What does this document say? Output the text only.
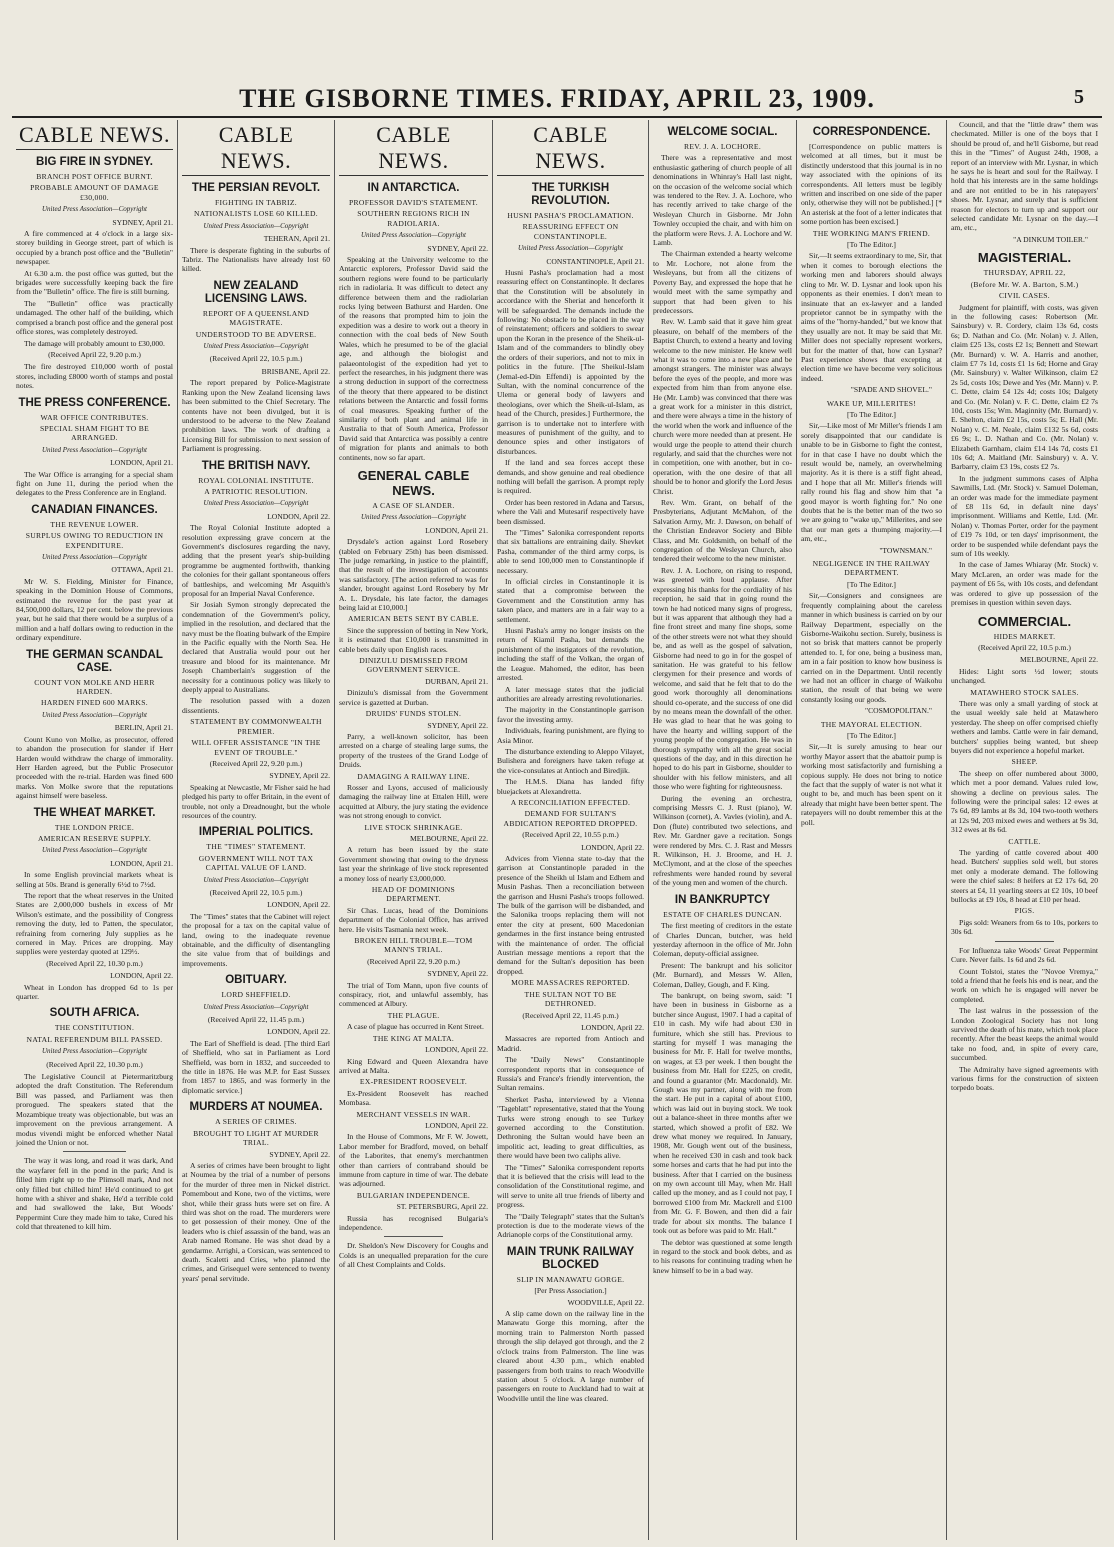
THE GISBORNE TIMES. FRIDAY, APRIL 23, 1909.	5
CABLE NEWS.
BIG FIRE IN SYDNEY.
BRANCH POST OFFICE BURNT.
PROBABLE AMOUNT OF DAMAGE £30,000.
United Press Association—Copyright
SYDNEY, April 21.

A fire commenced at 4 o'clock in a large six-storey building in George street, part of which is occupied by a branch post office and the "Bulletin" newspaper.

At 6.30 a.m. the post office was gutted, but the brigades were successfully keeping back the fire from the "Bulletin" office. The fire is still burning.

The "Bulletin" office was practically undamaged. The other half of the building, which comprised a branch post office and the general post office stores, was completely destroyed.

The damage will probably amount to £30,000.

(Received April 22, 9.20 p.m.)

The fire destroyed £10,000 worth of postal stores, including £8000 worth of stamps and postal notes.

THE PRESS CONFERENCE.
WAR OFFICE CONTRIBUTES.
SPECIAL SHAM FIGHT TO BE ARRANGED.
United Press Association—Copyright
LONDON, April 21.

The War Office is arranging for a special sham fight on June 11, during the period when the delegates to the Press Conference are in England.

CANADIAN FINANCES.
THE REVENUE LOWER.
SURPLUS OWING TO REDUCTION IN EXPENDITURE.
United Press Association—Copyright
OTTAWA, April 21.

Mr W. S. Fielding, Minister for Finance, speaking in the Dominion House of Commons, estimated the revenue for the past year at 84,500,000 dollars, 12 per cent. below the previous year, but he said that there would be a surplus of a million and a half dollars owing to reduction in the ordinary expenditure.

THE GERMAN SCANDAL CASE.
COUNT VON MOLKE AND HERR HARDEN.
HARDEN FINED 600 MARKS.
United Press Association—Copyright
BERLIN, April 21.

Count Kuno von Molke, as prosecutor, offered to abandon the prosecution for slander if Herr Harden would withdraw the charge of immorality. Herr Harden agreed, but the Public Prosecutor proceeded with the re-trial. Harden was fined 600 marks. Von Molke swore that the reputations against himself were baseless.

THE WHEAT MARKET.
THE LONDON PRICE.
AMERICAN RESERVE SUPPLY.
United Press Association—Copyright
LONDON, April 21.

In some English provincial markets wheat is selling at 50s. Brand is generally 6½d to 7½d.

The report that the wheat reserves in the United States are 2,000,000 bushels in excess of Mr Wilson's estimate, and the possibility of Congress removing the duty, led to Patten, the speculator, refraining from cornering July supplies as he cornered in May. Prices are dropping. May supplies were yesterday quoted at 129½.

(Received April 22, 10.30 p.m.)
LONDON, April 22.

Wheat in London has dropped 6d to 1s per quarter.

SOUTH AFRICA.
THE CONSTITUTION.
NATAL REFERENDUM BILL PASSED.
United Press Association—Copyright
(Received April 22, 10.30 p.m.)

The Legislative Council at Pietermaritzburg adopted the draft Constitution. The Referendum Bill was passed, and Parliament was then prorogued. The speakers stated that the Mozambique treaty was objectionable, but was an improvement on the previous arrangement. A modus vivendi might be enforced whether Natal joined the Union or not.

The way it was long, and road it was dark, And the wayfarer fell in the pond in the park; And is filled him right up to the Plimsoll mark, And not only filled but chilled him! He'd continued to get home with a shiver and shake, He'd a terrible cold and had swallowed the lake, But Woods' Peppermint Cure they made him to take, Cured his cold that threatened to kill him.

CABLE NEWS.
THE PERSIAN REVOLT.
FIGHTING IN TABRIZ.
NATIONALISTS LOSE 60 KILLED.
United Press Association—Copyright
TEHERAN, April 21.

There is desperate fighting in the suburbs of Tabriz. The Nationalists have already lost 60 killed.

NEW ZEALAND LICENSING LAWS.
REPORT OF A QUEENSLAND MAGISTRATE.
UNDERSTOOD TO BE ADVERSE.
United Press Association—Copyright
(Received April 22, 10.5 p.m.)
BRISBANE, April 22.

The report prepared by Police-Magistrate Ranking upon the New Zealand licensing laws has been submitted to the Chief Secretary. The contents have not been divulged, but it is understood to be adverse to the New Zealand prohibition laws. The work of drafting a Licensing Bill for submission to next session of Parliament is progressing.

THE BRITISH NAVY.
ROYAL COLONIAL INSTITUTE.
A PATRIOTIC RESOLUTION.
United Press Association—Copyright
LONDON, April 22.

The Royal Colonial Institute adopted a resolution expressing grave concern at the Government's disclosures regarding the navy, adding that the present year's ship-building programme be augmented forthwith, thanking the colonies for their gallant spontaneous offers of battleships, and welcoming Mr Asquith's proposal for an Imperial Naval Conference.

Sir Josiah Symon strongly deprecated the condemnation of the Government's policy, implied in the resolution, and declared that the navy must be the floating bulwark of the Empire in the Pacific equally with the North Sea. He declared that Australia would pour out her treasure and blood for its maintenance. Mr Joseph Chamberlain's suggestion of the necessity for a continuous policy was likely to deeply appeal to Australians.

The resolution passed with a dozen dissentients.

STATEMENT BY COMMONWEALTH PREMIER.
WILL OFFER ASSISTANCE "IN THE EVENT OF TROUBLE."
(Received April 22, 9.20 p.m.)
SYDNEY, April 22.

Speaking at Newcastle, Mr Fisher said he had pledged his party to offer Britain, in the event of trouble, not only a Dreadnought, but the whole resources of the country.

IMPERIAL POLITICS.
THE "TIMES" STATEMENT.
GOVERNMENT WILL NOT TAX CAPITAL VALUE OF LAND.
United Press Association—Copyright
(Received April 22, 10.5 p.m.)
LONDON, April 22.

The "Times" states that the Cabinet will reject the proposal for a tax on the capital value of land, owing to the inadequate revenue obtainable, and the difficulty of disentangling the site value from that of buildings and improvements.

OBITUARY.
LORD SHEFFIELD.
United Press Association—Copyright
(Received April 22, 11.45 p.m.)
LONDON, April 22.

The Earl of Sheffield is dead. [The third Earl of Sheffield, who sat in Parliament as Lord Sheffield, was born in 1832, and succeeded to the title in 1876. He was M.P. for East Sussex from 1857 to 1865, and was formerly in the diplomatic service.]

MURDERS AT NOUMEA.
A SERIES OF CRIMES.
BROUGHT TO LIGHT AT MURDER TRIAL.
SYDNEY, April 22.

A series of crimes have been brought to light at Noumea by the trial of a number of persons for the murder of three men in Nickel district. Pomembout and Kone, two of the victims, were shot, while their grass huts were set on fire. A third was shot on the road. The murderers were to get possession of their money. One of the leaders who is chief assassin of the band, was an Arab named Romane. He was shot dead by a gendarme. Arrighi, a Corsican, was sentenced to death. Scaletti and Cries, who planned the crimes, and Grisequel were sentenced to twenty years' penal servitude.

CABLE NEWS.
IN ANTARCTICA.
PROFESSOR DAVID'S STATEMENT.
SOUTHERN REGIONS RICH IN RADIOLARIA.
United Press Association—Copyright
SYDNEY, April 22.

Speaking at the University welcome to the Antarctic explorers, Professor David said the southern regions were found to be particularly rich in radiolaria. It was difficult to detect any difference between them and the radiolarian rocks lying between Bathurst and Harden. One of the reasons that prompted him to join the expedition was a desire to work out a theory in connection with the coal beds of New South Wales, which he presumed to be of the glacial age, and although the biologist and palaeontologist of the expedition had yet to perfect the researches, in his judgment there was a strong deduction in support of the correctness of the theory that there appeared to be distinct relations between the Antarctic and fossil forms of coal measures. Speaking further of the similarity of both plant and animal life in Australia to that of South America, Professor David said that Antarctica was possibly a centre of migration for plants and animals to both continents, now so far apart.

GENERAL CABLE NEWS.
A CASE OF SLANDER.
United Press Association—Copyright
LONDON, April 21.

Drysdale's action against Lord Rosebery (tabled on February 25th) has been dismissed. The judge remarking, in justice to the plaintiff, that the result of the investigation of accounts was satisfactory. [The action referred to was for slander, brought against Lord Rosebery by Mr A. L. Drysdale, his late factor, the damages being laid at £10,000.]

AMERICAN BETS SENT BY CABLE.

Since the suppression of betting in New York, it is estimated that £10,000 is transmitted in cable bets daily upon English races.

DINIZULU DISMISSED FROM GOVERNMENT SERVICE.
DURBAN, April 21.

Dinizulu's dismissal from the Government service is gazetted at Durban.

DRUIDS' FUNDS STOLEN.
SYDNEY, April 22.

Parry, a well-known solicitor, has been arrested on a charge of stealing large sums, the property of the trustees of the Grand Lodge of Druids.

DAMAGING A RAILWAY LINE.

Rosser and Lyons, accused of maliciously damaging the railway line at Ettalen Hill, were acquitted at Albury, the jury stating the evidence was not strong enough to convict.

LIVE STOCK SHRINKAGE.
MELBOURNE, April 22.

A return has been issued by the state Government showing that owing to the dryness last year the shrinkage of live stock represented a money loss of nearly £3,000,000.

HEAD OF DOMINIONS DEPARTMENT.

Sir Chas. Lucas, head of the Dominions department of the Colonial Office, has arrived here. He visits Tasmania next week.

BROKEN HILL TROUBLE—TOM MANN'S TRIAL.
(Received April 22, 9.20 p.m.)
SYDNEY, April 22.

The trial of Tom Mann, upon five counts of conspiracy, riot, and unlawful assembly, has commenced at Albury.

THE PLAGUE.

A case of plague has occurred in Kent Street.

THE KING AT MALTA.
LONDON, April 22.

King Edward and Queen Alexandra have arrived at Malta.

EX-PRESIDENT ROOSEVELT.

Ex-President Roosevelt has reached Mombasa.

MERCHANT VESSELS IN WAR.
LONDON, April 22.

In the House of Commons, Mr F. W. Jowett, Labor member for Bradford, moved, on behalf of the Laborites, that enemy's merchantmen other than carriers of contraband should be immune from capture in time of war. The debate was adjourned.

BULGARIAN INDEPENDENCE.
ST. PETERSBURG, April 22.

Russia has recognised Bulgaria's independence.

Dr. Sheldon's New Discovery for Coughs and Colds is an unequalled preparation for the cure of all Chest Complaints and Colds.

CABLE NEWS.
THE TURKISH REVOLUTION.
HUSNI PASHA'S PROCLAMATION.
REASSURING EFFECT ON CONSTANTINOPLE.
United Press Association—Copyright
CONSTANTINOPLE, April 21.

Husni Pasha's proclamation had a most reassuring effect on Constantinople. It declares that the Constitution will be absolutely in accordance with the Sheriat and henceforth it will be safeguarded. The demands include the following: No obstacle to be placed in the way of reinstatement; officers and soldiers to swear upon the Koran in the presence of the Sheik-ul-Islam and of the commanders to blindly obey the orders of their superiors, and not to mix in politics in the future. [The Sheikul-Islam (Jemal-ed-Din Effendi) is appointed by the Sultan, with the nominal concurrence of the Ulema or general body of lawyers and theologians, over which the Sheik-ul-Islam, as head of the Church, presides.] Furthermore, the garrison is to undertake not to interfere with measures of punishment of the guilty, and to denounce spies and other instigators of disturbances.

If the land and sea forces accept these demands, and show genuine and real obedience nothing will befall the garrison. A prompt reply is required.

Order has been restored in Adana and Tarsus, where the Vali and Mutesarif respectively have been dismissed.

The "Times" Salonika correspondent reports that six battalions are entraining daily. Shevket Pasha, commander of the third army corps, is able to send 100,000 men to Constantinople if necessary.

In official circles in Constantinople it is stated that a compromise between the Government and the Constitution army has taken place, and matters are in a fair way to a settlement.

Husni Pasha's army no longer insists on the return of Kiamil Pasha, but demands the punishment of the instigators of the revolution, including the staff of the Volkan, the organ of the League. Mahomed, the editor, has been arrested.

A later message states that the judicial authorities are already arresting revolutionaries.

The majority in the Constantinople garrison favor the investing army.

Individuals, fearing punishment, are flying to Asia Minor.

The disturbance extending to Aleppo Vilayet, Bulishera and foreigners have taken refuge at the vice-consulates at Antioch and Biredjik.

The H.M.S. Diana has landed fifty bluejackets at Alexandretta.

A RECONCILIATION EFFECTED.
DEMAND FOR SULTAN'S ABDICATION REPORTED DROPPED.
(Received April 22, 10.55 p.m.)
LONDON, April 22.

Advices from Vienna state to-day that the garrison at Constantinople paraded in the presence of the Sheikh ul Islam and Edhem and Musin Pashas. Then a reconciliation between the garrison and Husni Pasha's troops followed. The bulk of the garrison will be disbanded, and the Salonika troops replacing them will not enter the city at present, 600 Macedonian gendarmes in the first instance being entrusted with the maintenance of order. The official Austrian message mentions a report that the demand for the Sultan's deposition has been dropped.

MORE MASSACRES REPORTED.
THE SULTAN NOT TO BE DETHRONED.
(Received April 22, 11.45 p.m.)
LONDON, April 22.

Massacres are reported from Antioch and Madrid.

The "Daily News" Constantinople correspondent reports that in consequence of Russia's and France's friendly intervention, the Sultan remains.

Sherket Pasha, interviewed by a Vienna "Tageblatt" representative, stated that the Young Turks were strong enough to see Turkey governed according to the Constitution. Dethroning the Sultan would have been an impolitic act, leading to great difficulties, as there would have been two caliphs alive.

The "Times'" Salonika correspondent reports that it is believed that the crisis will lead to the consolidation of the Constitutional regime, and will serve to unite all true friends of liberty and progress.

The "Daily Telegraph" states that the Sultan's protection is due to the moderate views of the Adrianople corps of the Constitutional army.

MAIN TRUNK RAILWAY BLOCKED
SLIP IN MANAWATU GORGE.
[Per Press Association.]
WOODVILLE, April 22.

A slip came down on the railway line in the Manawatu Gorge this morning, after the morning train to Palmerston North passed through the slip delayed got through, and the 2 o'clock trains from Palmerston. The line was cleared about 4.30 p.m., which enabled passengers from both trains to reach Woodville station about 5 o'clock. A large number of passengers en route to Auckland had to wait at Woodville until the line was cleared.

WELCOME SOCIAL.
REV. J. A. LOCHORE.

There was a representative and most enthusiastic gathering of church people of all denominations in Whinray's Hall last night, on the occasion of the welcome social which was tendered to the Rev. J. A. Lochore, who has recently arrived to take charge of the Wesleyan Church in Gisborne. Mr John Townley occupied the chair, and with him on the platform were Revs. J. A. Lochore and W. Lamb.

The Chairman extended a hearty welcome to Mr. Lochore, not alone from the Wesleyans, but from all the citizens of Poverty Bay, and expressed the hope that he would meet with the same sympathy and support that had been given to his predecessors.

Rev. W. Lamb said that it gave him great pleasure, on behalf of the members of the Baptist Church, to extend a hearty and loving welcome to the new minister. He knew well what it was to come into a new place and be amongst strangers. The minister was always before the eyes of the people, and more was expected from him than from anyone else. He (Mr. Lamb) was convinced that there was a great work for a minister in this district, and there were always a time in the history of the world when the work and influence of the church were more needed than at present. He would urge the people to attend their church regularly, and said that the churches were not in competition, one with another, but in co-operation, with the one desire of that all should be to honor and glorify the Lord Jesus Christ.

Rev. Wm. Grant, on behalf of the Presbyterians, Adjutant McMahon, of the Salvation Army, Mr. J. Dawson, on behalf of the Christian Endeavor Society and Bible Class, and Mr. Goldsmith, on behalf of the congregation of the Wesleyan Church, also tendered their welcome to the new minister.

Rev. J. A. Lochore, on rising to respond, was greeted with loud applause. After expressing his thanks for the cordiality of his reception, he said that in going round the town he had noticed many signs of progress, but it was apparent that although they had a fine front street and many fine shops, some of the other streets were not what they should be, and as well as the gospel of salvation, Gisborne had need to go in for the gospel of sanitation. He was grateful to his fellow clergymen for their presence and words of welcome, and said that he felt that to do the good work thoroughly all denominations should co-operate, and the success of one did by no means mean the downfall of the other. He was glad to hear that he was going to have the hearty and willing support of the young people of the congregation. He was in thorough sympathy with all the great social questions of the day, and in this direction he hoped to do his part in Gisborne, shoulder to shoulder with his fellow ministers, and all those who were fighting for righteousness.

During the evening an orchestra, comprising Messrs C. J. Rust (piano), W. Wilkinson (cornet), A. Vavles (violin), and A. Don (flute) contributed two selections, and Rev. Mr. Gardner gave a recitation. Songs were rendered by Mrs. C. J. Rast and Messrs R. Wilkinson, H. J. Broome, and H. J. McClymont, and at the close of the speeches refreshments were handed round by several of the young men and women of the church.

IN BANKRUPTCY
ESTATE OF CHARLES DUNCAN.

The first meeting of creditors in the estate of Charles Duncan, butcher, was held yesterday afternoon in the office of Mr. John Coleman, deputy-official assignee.

Present: The bankrupt and his solicitor (Mr. Burnard), and Messrs W. Allen, Coleman, Dalley, Gough, and F. King.

The bankrupt, on being sworn, said: "I have been in business in Gisborne as a butcher since August, 1907. I had a capital of £10 in cash. My wife had about £30 in furniture, which she still has. Previous to starting for myself I was managing the business for Mr. F. Hall for twelve months, on wages, at £3 per week. I then bought the business from Mr. Hall for £225, on credit, and found a guarantor (Mr. Macdonald). Mr. Gough was my partner, along with me from the start. He put in a capital of about £100, which was laid out in buying stock. We took out a balance-sheet in three months after we started, which showed a profit of £82. We drew what money we required. In January, 1908, Mr. Gough went out of the business, when he received £30 in cash and took back some horses and carts that he had put into the business. After that I carried on the business on my own account till May, when Mr. Hall called up the money, and as I could not pay, I borrowed £100 from Mr. Mackrell and £100 from Mr. G. F. Bowen, and then did a fair trade for about six months. The balance I took out as before was paid to Mr. Hall."

The debtor was questioned at some length in regard to the stock and book debts, and as to his reasons for continuing trading when he knew himself to be in a bad way.

CORRESPONDENCE.

[Correspondence on public matters is welcomed at all times, but it must be distinctly understood that this journal is in no way associated with the opinions of its correspondents. All letters must be legibly written and inscribed on one side of the paper only, otherwise they will not be published.] [* An asterisk at the foot of a letter indicates that some portion has been excised.]

THE WORKING MAN'S FRIEND.
[To The Editor.]

Sir,—It seems extraordinary to me, Sir, that when it comes to borough elections the working men and laborers should always cling to Mr. W. D. Lysnar and look upon his opponents as their enemies. I don't mean to insinuate that an ex-lawyer and a landed proprietor cannot be in sympathy with the aims of the "horny-handed," but we know that they usually are not. It may be said that Mr. Miller does not specially represent workers, but for the matter of that, how can Lysnar? Past experience shows that excepting at election time we have become very solicitous indeed.

"SPADE AND SHOVEL."
WAKE UP, MILLERITES!
[To The Editor.]

Sir,—Like most of Mr Miller's friends I am sorely disappointed that our candidate is unable to be in Gisborne to fight the contest, for in that case I have no doubt which the result would be, namely, an overwhelming majority. As it is there is a stiff fight ahead, and I hope that all Mr. Miller's friends will rally round his flag and show him that "a good mayor is worth fighting for." No one doubts that he is the better man of the two so we are going to "wake up," Millerites, and see that our man gets a thumping majority.—I am, etc.,

"TOWNSMAN."
NEGLIGENCE IN THE RAILWAY DEPARTMENT.
[To The Editor.]

Sir,—Consigners and consignees are frequently complaining about the careless manner in which business is carried on by our Railway Department, especially on the Gisborne-Waikohu section. Surely, business is not so brisk that matters cannot be properly attended to. I, for one, being a business man, am in a fair position to know how business is carried on in the Department. Until recently we had not an officer in charge of Waikohu station, the result of that being we were constantly losing our goods.

"COSMOPOLITAN."
THE MAYORAL ELECTION.
[To The Editor.]

Sir,—It is surely amusing to hear our worthy Mayor assert that the abattoir pump is working most satisfactorily and furnishing a copious supply. He does not bring to notice the fact that the supply of water is not what it ought to be, and much has been spent on it already that might have been better spent. The ratepayers will no doubt remember this at the poll.

Council, and that the "little draw" them was checkmated. Miller is one of the boys that I should be proud of, and he'll Gisborne, but read this in the "Times" of August 24th, 1908, a report of an interview with Mr. Lysnar, in which he says he is heart and soul for the Railway. I hold that his interests are in the same holdings and are not entitled to be in his ratepayers' shoes. Mr. Lysnar, and surely that is sufficient reason for electors to turn up and support our selected candidate Mr. Lysnar on the day.—I am, etc.,

"A DINKUM TOILER."
MAGISTERIAL.
THURSDAY, APRIL 22,
(Before Mr. W. A. Barton, S.M.)
CIVIL CASES.

Judgment for plaintiff, with costs, was given in the following cases: Robertson (Mr. Sainsbury) v. R. Cordery, claim 13s 6d, costs 6s; D. Nathan and Co. (Mr. Nolan) v. J. Allen, claim £25 13s, costs £2 1s; Bennett and Stewart (Mr. Burnard) v. W. A. Harris and another, claim £7 7s 1d, costs £1 1s 6d; Horne and Gray (Mr. Sainsbury) v. Walter Wilkinson, claim £2 2s 5d, costs 10s; Dewe and Yes (Mr. Mann) v. P. C. Dette, claim £4 12s 4d; costs 10s; Dalgety and Co. (Mr. Nolan) v. F. C. Dette, claim £2 7s 10d, costs 15s; Wm. Maginnity (Mr. Burnard) v. E. Shelton, claim £2 15s, costs 5s; E. Hall (Mr. Nolan) v. C. M. Neale, claim £132 5s 6d, costs £6 9s; L. D. Nathan and Co. (Mr. Nolan) v. Elizabeth Garnham, claim £14 14s 7d, costs £1 10s 6d; A. Maitland (Mr. Sainsbury) v. A. V. Barbarry, claim £3 19s, costs £2 7s.

In the judgment summons cases of Alpha Sawmills, Ltd. (Mr. Stock) v. Samuel Doleman, an order was made for the immediate payment of £8 11s 6d, in default nine days' imprisonment. Williams and Kettle, Ltd. (Mr. Nolan) v. Thomas Porter, order for the payment of £19 7s 10d, or ten days' imprisonment, the order to be suspended while defendant pays the sum of 10s weekly.

In the case of James Whiaray (Mr. Stock) v. Mary McLaren, an order was made for the payment of £6 5s, with 10s costs, and defendant was ordered to give up possession of the premises in question within seven days.

COMMERCIAL.
HIDES MARKET.
(Received April 22, 10.5 p.m.)
MELBOURNE, April 22.

Hides: Light sorts ½d lower; stouts unchanged.

MATAWHERO STOCK SALES.

There was only a small yarding of stock at the usual weekly sale held at Matawhero yesterday. The sheep on offer comprised chiefly wethers and lambs. Cattle were in fair demand, butchers' supplies being wanted, but sheep buyers did not experience a hopeful market.

SHEEP.

The sheep on offer numbered about 3000, which met a poor demand. Values ruled low, showing a decline on previous sales. The following were the principal sales: 12 ewes at 7s 6d, 89 lambs at 8s 3d, 104 two-tooth wethers at 12s 9d, 203 mixed ewes and wethers at 9s 3d, 312 ewes at 8s 6d.

CATTLE.

The yarding of cattle covered about 400 head. Butchers' supplies sold well, but stores met only a moderate demand. The following were the chief sales: 8 heifers at £2 17s 6d, 20 steers at £4, 11 yearling steers at £2 10s, 10 beef bullocks at £9 10s, 8 head at £10 per head.

PIGS.

Pigs sold: Weaners from 6s to 10s, porkers to 30s 6d.

For Influenza take Woods' Great Peppermint Cure. Never fails. 1s 6d and 2s 6d.

Count Tolstoi, states the "Novoe Vremya," told a friend that he feels his end is near, and the work on which he is engaged will never be completed.

The last walrus in the possession of the London Zoological Society has not long survived the death of his mate, which took place recently. After the beast keeps the animal would take no food, and, in spite of every care, succumbed.

The Admiralty have signed agreements with various firms for the construction of sixteen torpedo boats.
